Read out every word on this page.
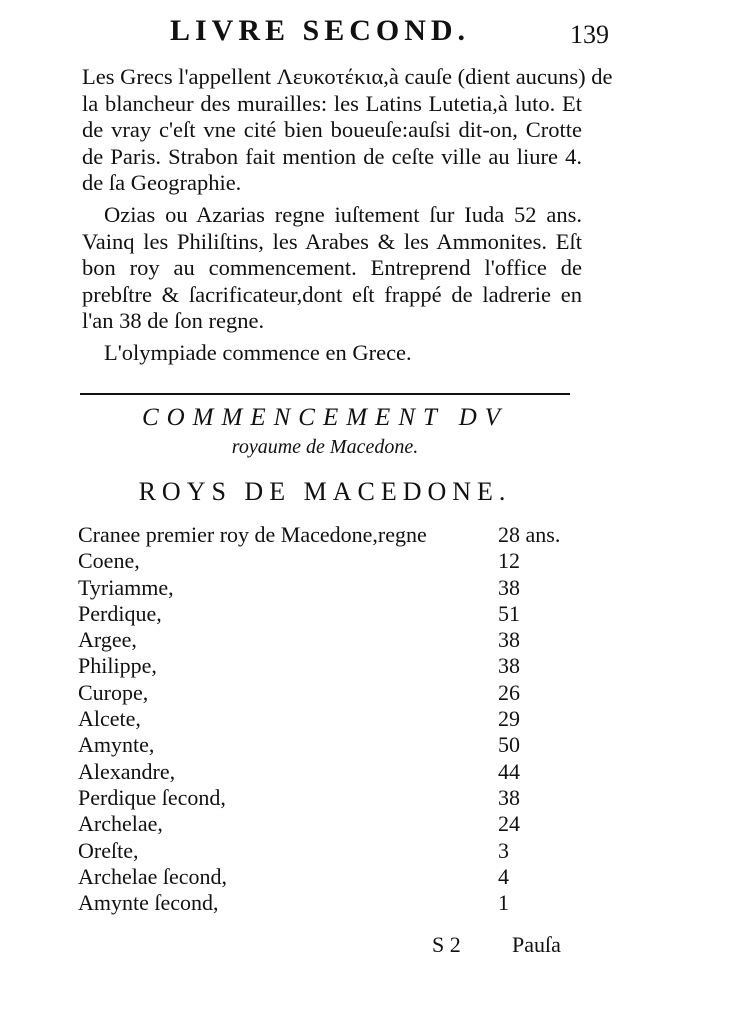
LIVRE SECOND.	139

Les Grecs l'appellent Λευκοτέκια,à cauſe (dient aucuns) de
la blancheur des murailles: les Latins Lutetia,à luto. Et
de vray c'eſt vne cité bien boueuſe:auſsi dit-on, Crotte
de Paris. Strabon fait mention de ceſte ville au liure 4.
de ſa Geographie.

Ozias ou Azarias regne iuſtement ſur Iuda 52 ans.
Vainq les Philiſtins, les Arabes & les Ammonites. Eſt
bon roy au commencement. Entreprend l'office de
prebſtre & ſacrificateur,dont eſt frappé de ladrerie en
l'an 38 de ſon regne.

L'olympiade commence en Grece.

COMMENCEMENT DV
royaume de Macedone.
ROYS DE MACEDONE.
Cranee premier roy de Macedone,regne	28 ans.
Coene,	12
Tyriamme,	38
Perdique,	51
Argee,	38
Philippe,	38
Curope,	26
Alcete,	29
Amynte,	50
Alexandre,	44
Perdique ſecond,	38
Archelae,	24
Oreſte,	3
Archelae ſecond,	4
Amynte ſecond,	1
S 2 Pauſa
